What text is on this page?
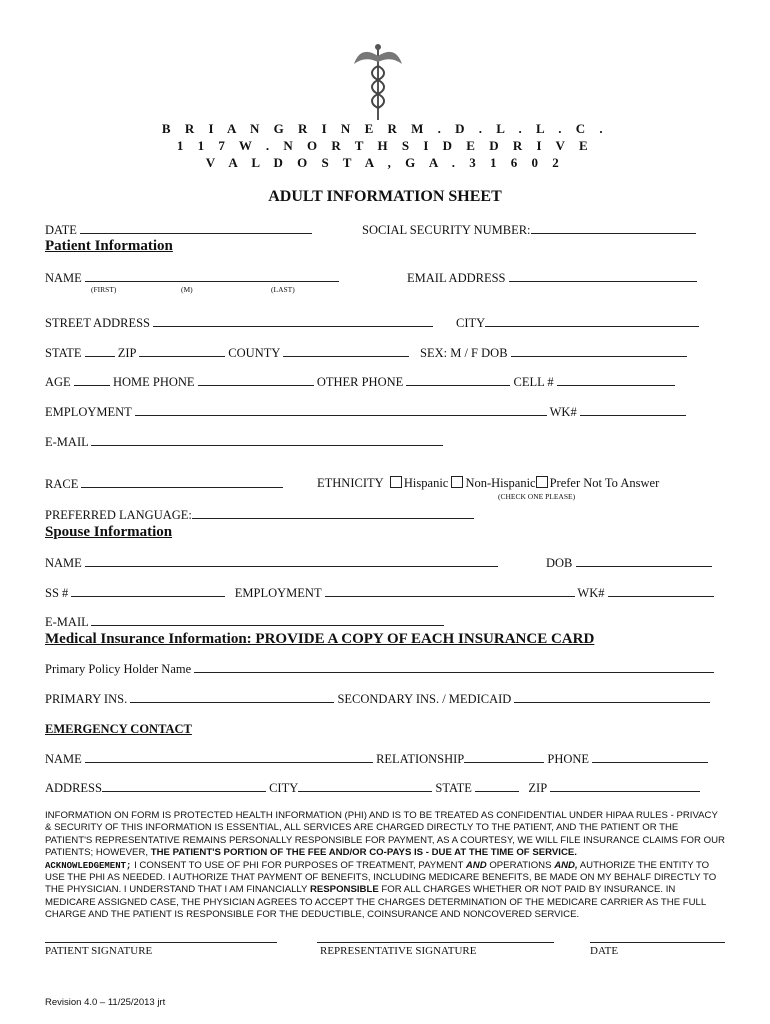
B R I A N G R I N E R M . D . L . L . C .
1 1 7 W . N O R T H S I D E D R I V E
V A L D O S T A , G A . 3 1 6 0 2
ADULT INFORMATION SHEET
DATE	SOCIAL SECURITY NUMBER:
Patient Information
NAME
(FIRST)	(M)	(LAST)
EMAIL ADDRESS
STREET ADDRESS	CITY
STATE	ZIP	COUNTY	SEX: M / F DOB
AGE	HOME PHONE	OTHER PHONE	CELL #
EMPLOYMENT	WK#
E-MAIL
RACE	ETHNICITY Hispanic Non-Hispanic Prefer Not To Answer
(CHECK ONE PLEASE)
PREFERRED LANGUAGE:
Spouse Information
NAME	DOB
SS #	EMPLOYMENT	WK#
E-MAIL
Medical Insurance Information: PROVIDE A COPY OF EACH INSURANCE CARD
Primary Policy Holder Name
PRIMARY INS.	SECONDARY INS. / MEDICAID
EMERGENCY CONTACT
NAME	RELATIONSHIP	PHONE
ADDRESS	CITY	STATE	ZIP
INFORMATION ON FORM IS PROTECTED HEALTH INFORMATION (PHI) AND IS TO BE TREATED AS CONFIDENTIAL UNDER HIPAA RULES - PRIVACY & SECURITY OF THIS INFORMATION IS ESSENTIAL, ALL SERVICES ARE CHARGED DIRECTLY TO THE PATIENT, AND THE PATIENT OR THE PATIENT'S REPRESENTATIVE REMAINS PERSONALLY RESPONSIBLE FOR PAYMENT, AS A COURTESY, WE WILL FILE INSURANCE CLAIMS FOR OUR PATIENTS; HOWEVER, THE PATIENT'S PORTION OF THE FEE AND/OR CO-PAYS IS - DUE AT THE TIME OF SERVICE.
ACKNOWLEDGEMENT; I CONSENT TO USE OF PHI FOR PURPOSES OF TREATMENT, PAYMENT AND OPERATIONS AND, AUTHORIZE THE ENTITY TO USE THE PHI AS NEEDED. I AUTHORIZE THAT PAYMENT OF BENEFITS, INCLUDING MEDICARE BENEFITS, BE MADE ON MY BEHALF DIRECTLY TO THE PHYSICIAN. I UNDERSTAND THAT I AM FINANCIALLY RESPONSIBLE FOR ALL CHARGES WHETHER OR NOT PAID BY INSURANCE. IN MEDICARE ASSIGNED CASE, THE PHYSICIAN AGREES TO ACCEPT THE CHARGES DETERMINATION OF THE MEDICARE CARRIER AS THE FULL CHARGE AND THE PATIENT IS RESPONSIBLE FOR THE DEDUCTIBLE, COINSURANCE AND NONCOVERED SERVICE.
PATIENT SIGNATURE	REPRESENTATIVE SIGNATURE	DATE
Revision 4.0 – 11/25/2013 jrt
